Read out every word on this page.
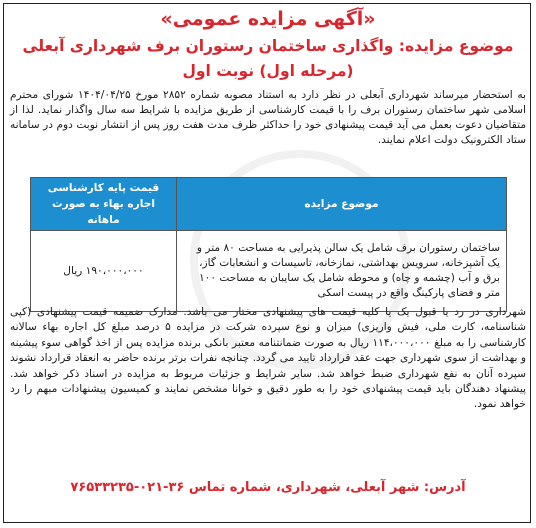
«آگهی مزایده عمومی»
موضوع مزایده: واگذاری ساختمان رستوران برف شهرداری آبعلی (مرحله اول) نوبت اول
به استحضار میرساند شهرداری آبعلی در نظر دارد به استناد مصوبه شماره ۲۸۵۲ مورخ ۱۴۰۴/۰۴/۲۵ شورای محترم اسلامی شهر ساختمان رستوران برف را با قیمت کارشناسی از طریق مزایده با شرایط سه سال واگذار نماید. لذا از متقاضیان دعوت بعمل می آید قیمت پیشنهادی خود را حداکثر ظرف مدت هفت روز پس از انتشار نوبت دوم در سامانه ستاد الکترونیک دولت اعلام نمایند.
موضوع مزایده	قیمت پایه کارشناسی اجاره بهاء به صورت ماهانه
ساختمان رستوران برف شامل یک سالن پذیرایی به مساحت ۸۰ متر و یک آشپزخانه، سرویس بهداشتی، نمازخانه، تاسیسات و انشعابات گاز، برق و آب (چشمه و چاه) و محوطه شامل یک سایبان به مساحت ۱۰۰ متر و فضای پارکینگ واقع در پیست اسکی	۱۹۰،۰۰۰،۰۰۰ ریال
شهرداری در رد یا قبول یک یا کلیه قیمت های پیشنهادی مختار می باشد. مدارک ضمیمه قیمت پیشنهادی (کپی شناسنامه، کارت ملی، فیش واریزی) میزان و نوع سپرده شرکت در مزایده ۵ درصد مبلغ کل اجاره بهاء سالانه کارشناسی را به مبلغ ۱۱۴،۰۰۰،۰۰۰ ریال به صورت ضمانتنامه معتبر بانکی برنده مزایده پس از اخذ گواهی سوء پیشینه و بهداشت از سوی شهرداری جهت عقد قرارداد تایید می گردد. چنانچه نفرات برتر برنده حاضر به انعقاد قرارداد نشوند سپرده آنان به نفع شهرداری ضبط خواهد شد. سایر شرایط و جزئیات مربوط به مزایده در اسناد ذکر خواهد شد. پیشنهاد دهندگان باید قیمت پیشنهادی خود را به طور دقیق و خوانا مشخص نمایند و کمیسیون پیشنهادات مبهم را رد خواهد نمود.
آدرس: شهر آبعلی، شهرداری، شماره تماس ۳۶-۰۲۱-۷۶۵۳۳۲۳۵
